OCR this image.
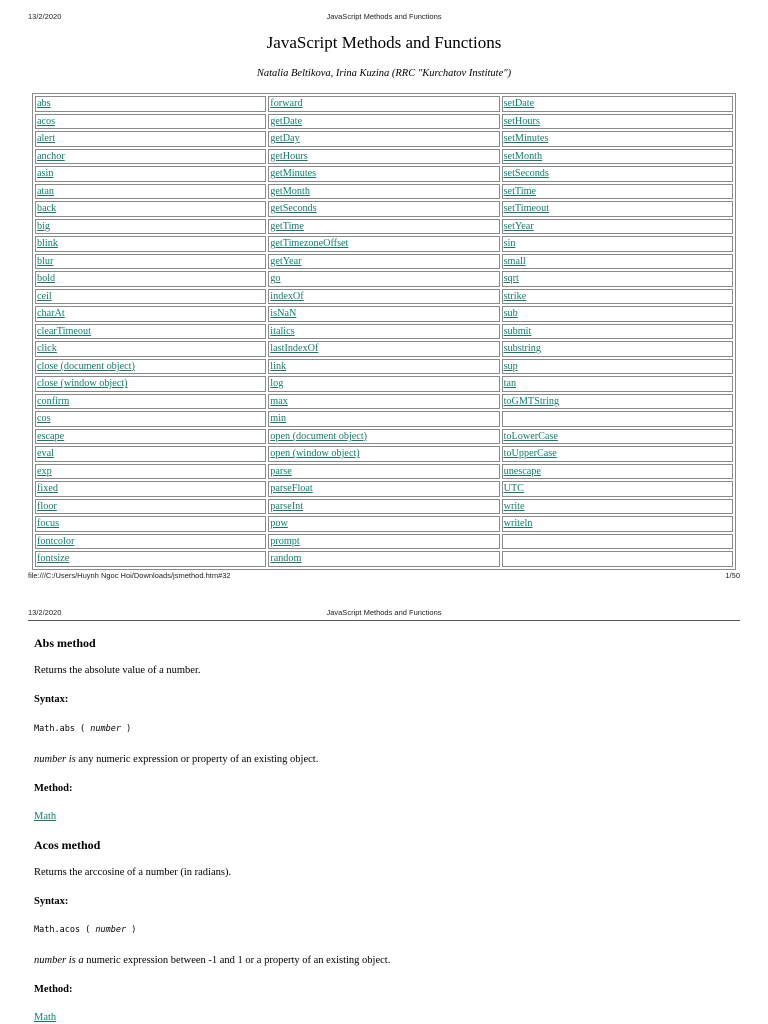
13/2/2020	JavaScript Methods and Functions
JavaScript Methods and Functions
Natalia Beltikova, Irina Kuzina (RRC "Kurchatov Institute")
abs	forward	setDate
acos	getDate	setHours
alert	getDay	setMinutes
anchor	getHours	setMonth
asin	getMinutes	setSeconds
atan	getMonth	setTime
back	getSeconds	setTimeout
big	getTime	setYear
blink	getTimezoneOffset	sin
blur	getYear	small
bold	go	sqrt
ceil	indexOf	strike
charAt	isNaN	sub
clearTimeout	italics	submit
click	lastIndexOf	substring
close (document object)	link	sup
close (window object)	log	tan
confirm	max	toGMTString
cos	min	
escape	open (document object)	toLowerCase
eval	open (window object)	toUpperCase
exp	parse	unescape
fixed	parseFloat	UTC
floor	parseInt	write
focus	pow	writeln
fontcolor	prompt	
fontsize	random	
file:///C:/Users/Huynh Ngoc Hoi/Downloads/jsmethod.htm#32	1/50
13/2/2020	JavaScript Methods and Functions
Abs method
Returns the absolute value of a number.
Syntax:
Math.abs ( number )
number is any numeric expression or property of an existing object.
Method:
Math
Acos method
Returns the arccosine of a number (in radians).
Syntax:
Math.acos ( number )
number is a numeric expression between -1 and 1 or a property of an existing object.
Method:
Math
